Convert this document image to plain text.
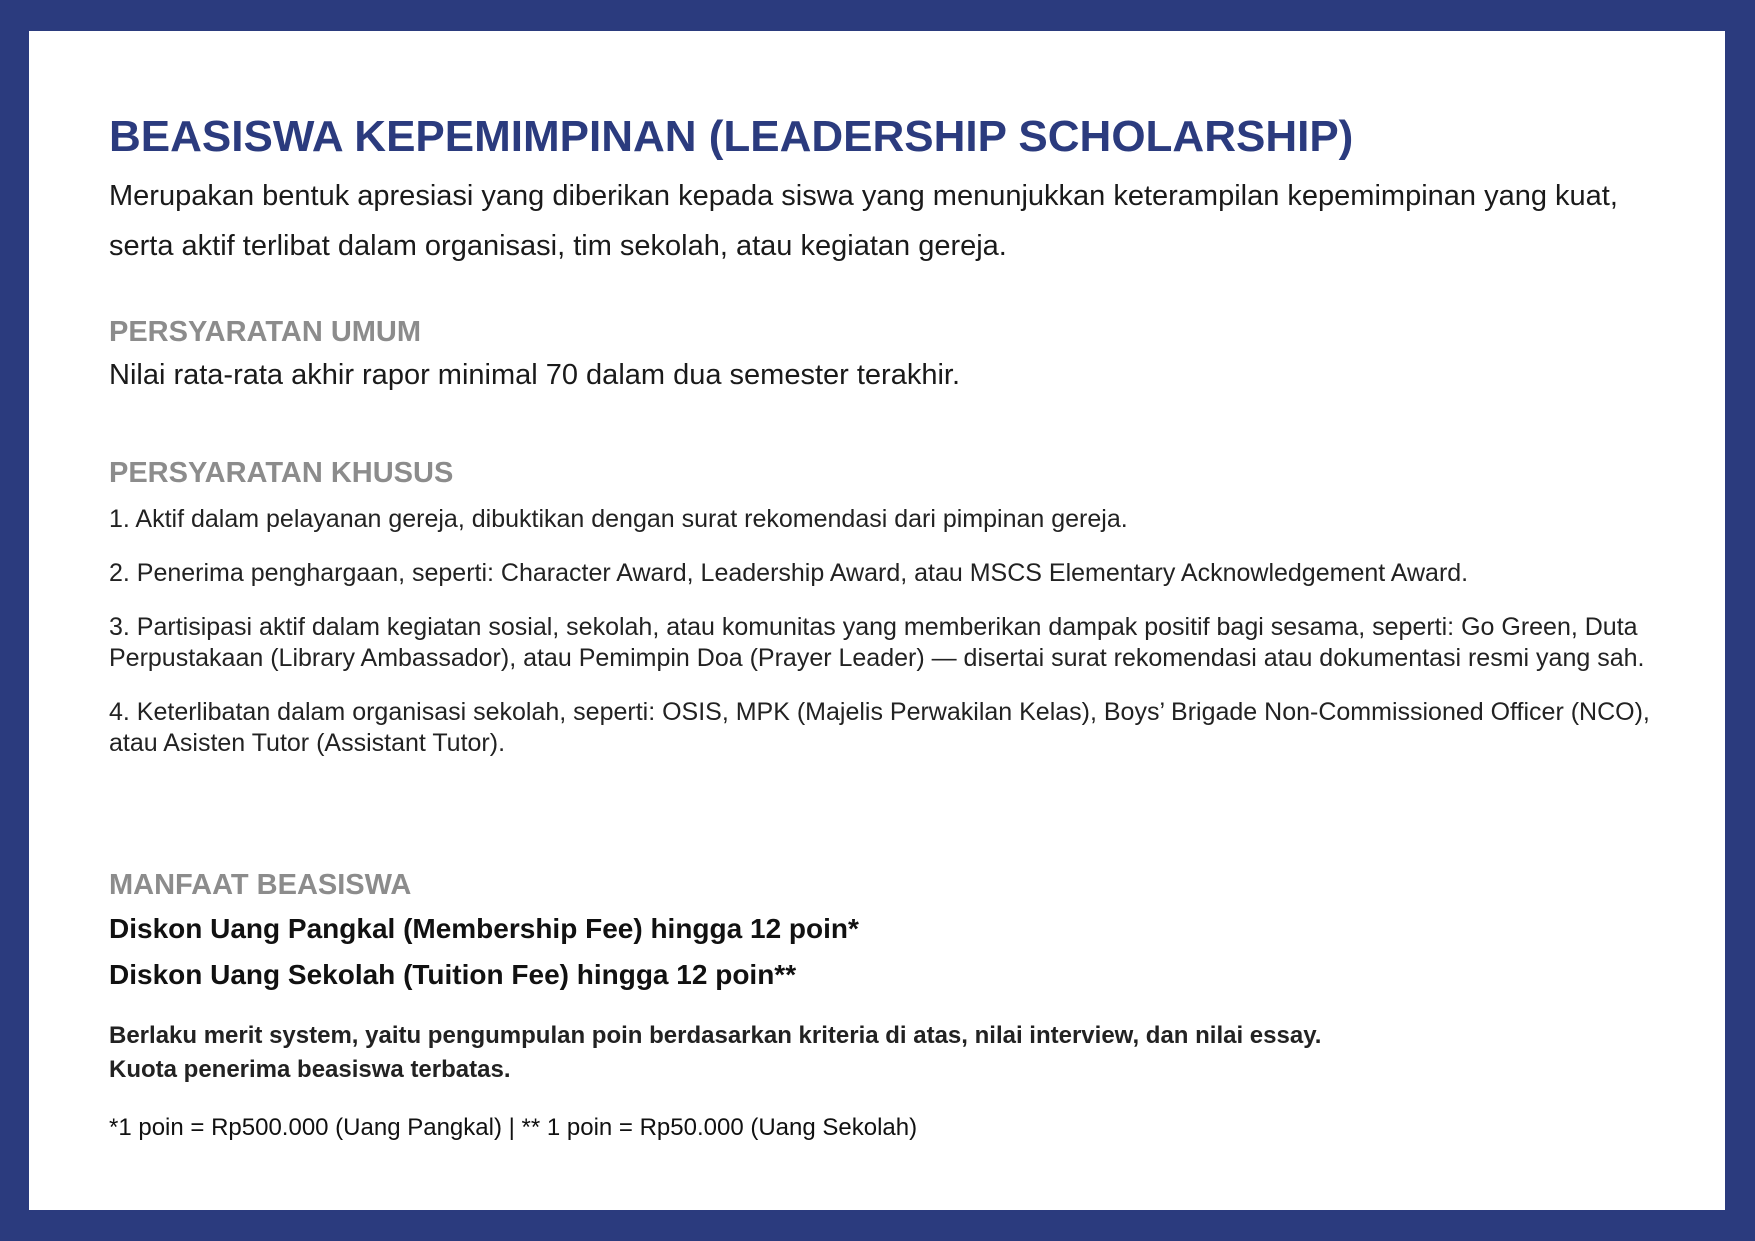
BEASISWA KEPEMIMPINAN (LEADERSHIP SCHOLARSHIP)

Merupakan bentuk apresiasi yang diberikan kepada siswa yang menunjukkan keterampilan kepemimpinan yang kuat, serta aktif terlibat dalam organisasi, tim sekolah, atau kegiatan gereja.

PERSYARATAN UMUM

Nilai rata-rata akhir rapor minimal 70 dalam dua semester terakhir.

PERSYARATAN KHUSUS
1. Aktif dalam pelayanan gereja, dibuktikan dengan surat rekomendasi dari pimpinan gereja.
2. Penerima penghargaan, seperti: Character Award, Leadership Award, atau MSCS Elementary Acknowledgement Award.
3. Partisipasi aktif dalam kegiatan sosial, sekolah, atau komunitas yang memberikan dampak positif bagi sesama, seperti: Go Green, Duta Perpustakaan (Library Ambassador), atau Pemimpin Doa (Prayer Leader) — disertai surat rekomendasi atau dokumentasi resmi yang sah.
4. Keterlibatan dalam organisasi sekolah, seperti: OSIS, MPK (Majelis Perwakilan Kelas), Boys’ Brigade Non-Commissioned Officer (NCO), atau Asisten Tutor (Assistant Tutor).
MANFAAT BEASISWA

Diskon Uang Pangkal (Membership Fee) hingga 12 poin*

Diskon Uang Sekolah (Tuition Fee) hingga 12 poin**

Berlaku merit system, yaitu pengumpulan poin berdasarkan kriteria di atas, nilai interview, dan nilai essay.

Kuota penerima beasiswa terbatas.

*1 poin = Rp500.000 (Uang Pangkal) | ** 1 poin = Rp50.000 (Uang Sekolah)
